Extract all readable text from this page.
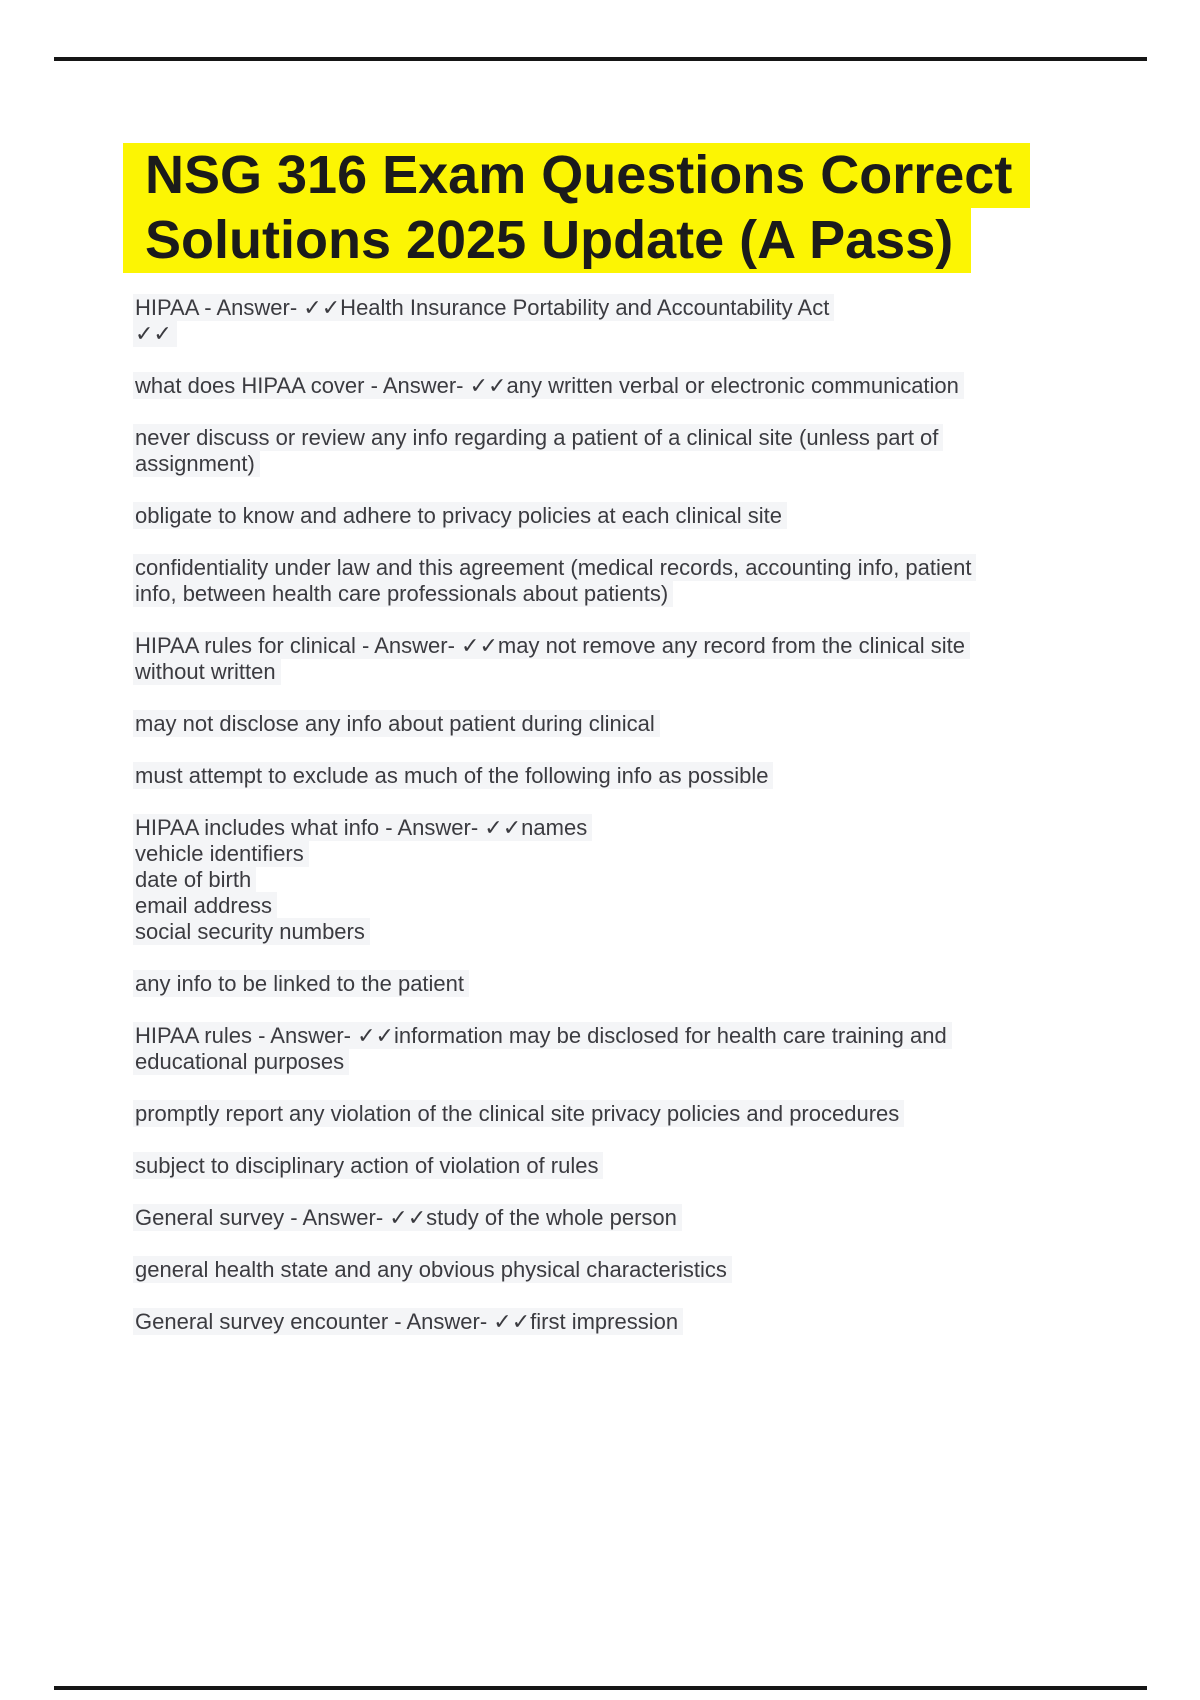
NSG 316 Exam Questions Correct
Solutions 2025 Update (A Pass)

HIPAA - Answer- ✓✓Health Insurance Portability and Accountability Act
✓✓

what does HIPAA cover - Answer- ✓✓any written verbal or electronic communication

never discuss or review any info regarding a patient of a clinical site (unless part of
assignment)

obligate to know and adhere to privacy policies at each clinical site

confidentiality under law and this agreement (medical records, accounting info, patient
info, between health care professionals about patients)

HIPAA rules for clinical - Answer- ✓✓may not remove any record from the clinical site
without written

may not disclose any info about patient during clinical

must attempt to exclude as much of the following info as possible

HIPAA includes what info - Answer- ✓✓names
vehicle identifiers
date of birth
email address
social security numbers

any info to be linked to the patient

HIPAA rules - Answer- ✓✓information may be disclosed for health care training and
educational purposes

promptly report any violation of the clinical site privacy policies and procedures

subject to disciplinary action of violation of rules

General survey - Answer- ✓✓study of the whole person

general health state and any obvious physical characteristics

General survey encounter - Answer- ✓✓first impression
